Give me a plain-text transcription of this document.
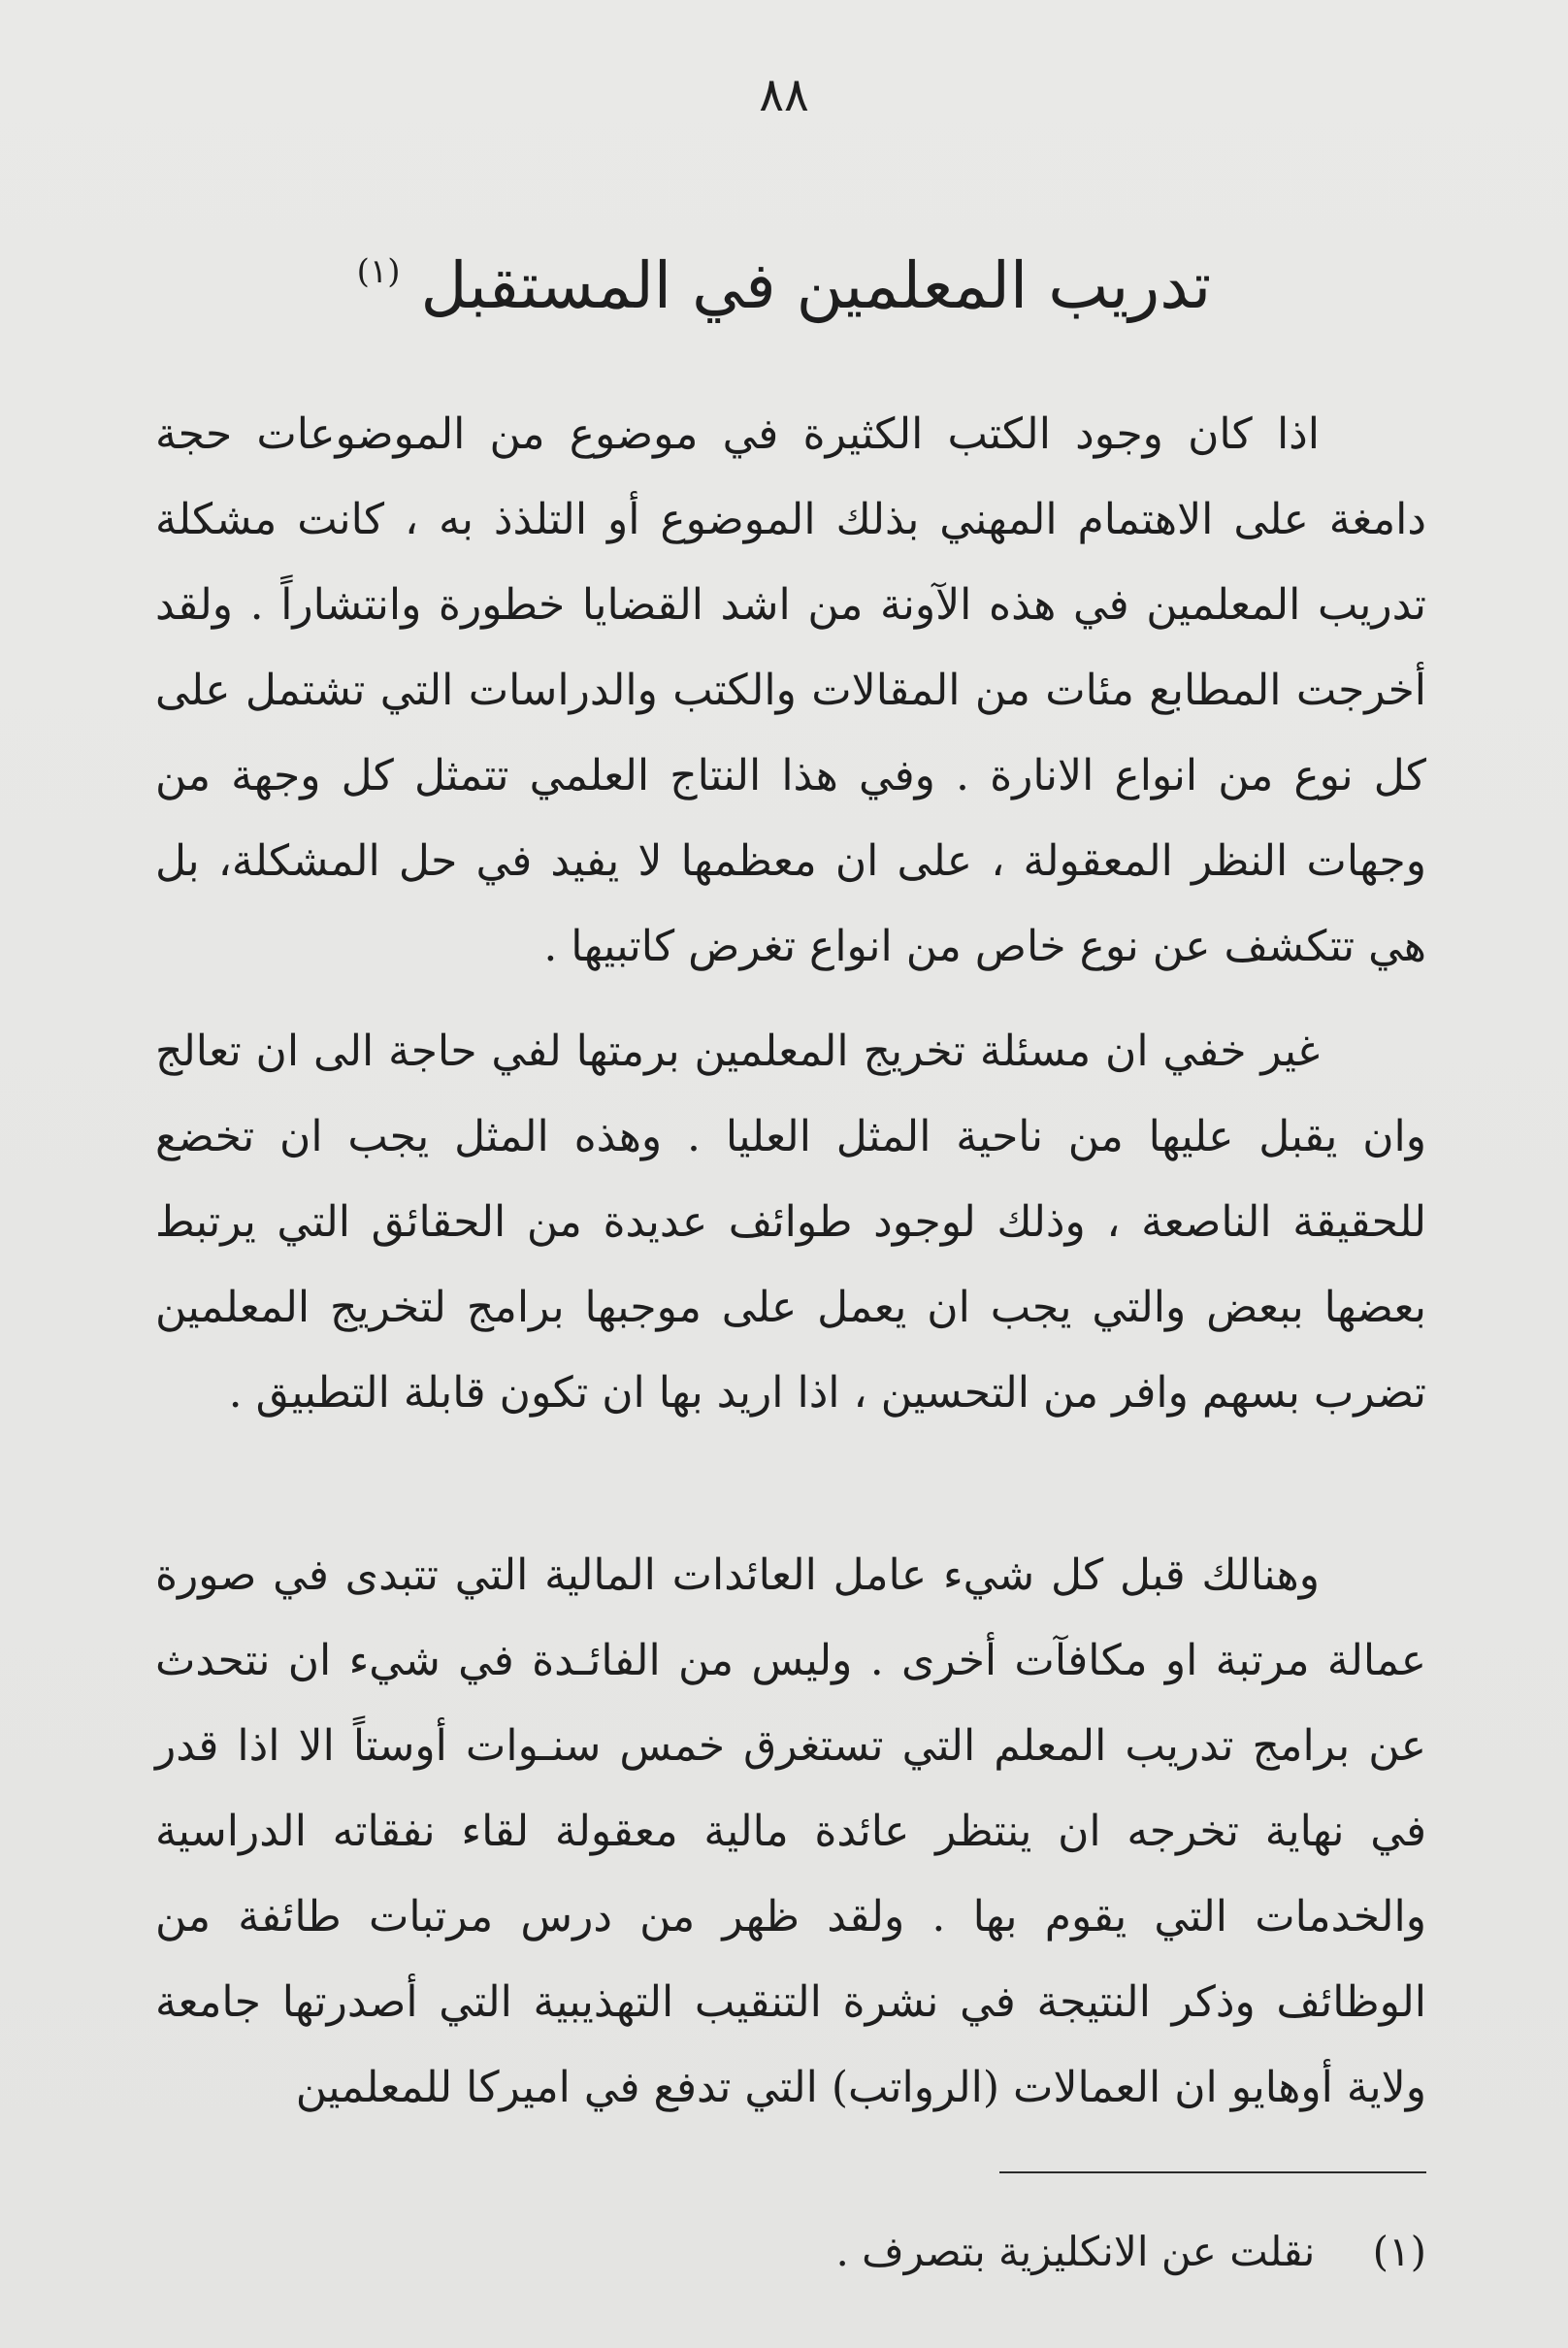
٨٨
تدريب المعلمين في المستقبل $^{(١)}$

اذا كان وجود الكتب الكثيرة في موضوع من الموضوعات حجة دامغة على الاهتمام المهني بذلك الموضوع أو التلذذ به ، كانت مشكلة تدريب المعلمين في هذه الآونة من اشد القضايا خطورة وانتشاراً . ولقد أخرجت المطابع مئات من المقالات والكتب والدراسات التي تشتمل على كل نوع من انواع الانارة . وفي هذا النتاج العلمي تتمثل كل وجهة من وجهات النظر المعقولة ، على ان معظمها لا يفيد في حل المشكلة، بل هي تتكشف عن نوع خاص من انواع تغرض كاتبيها .

غير خفي ان مسئلة تخريج المعلمين برمتها لفي حاجة الى ان تعالج وان يقبل عليها من ناحية المثل العليا . وهذه المثل يجب ان تخضع للحقيقة الناصعة ، وذلك لوجود طوائف عديدة من الحقائق التي يرتبط بعضها ببعض والتي يجب ان يعمل على موجبها برامج لتخريج المعلمين تضرب بسهم وافر من التحسين ، اذا اريد بها ان تكون قابلة التطبيق .

وهنالك قبل كل شيء عامل العائدات المالية التي تتبدى في صورة عمالة مرتبة او مكافآت أخرى . وليس من الفائـدة في شيء ان نتحدث عن برامج تدريب المعلم التي تستغرق خمس سنـوات أوستاً الا اذا قدر في نهاية تخرجه ان ينتظر عائدة مالية معقولة لقاء نفقاته الدراسية والخدمات التي يقوم بها . ولقد ظهر من درس مرتبات طائفة من الوظائف وذكر النتيجة في نشرة التنقيب التهذيبية التي أصدرتها جامعة ولاية أوهايو ان العمالات (الرواتب) التي تدفع في اميركا للمعلمين

(١) نقلت عن الانكليزية بتصرف .
